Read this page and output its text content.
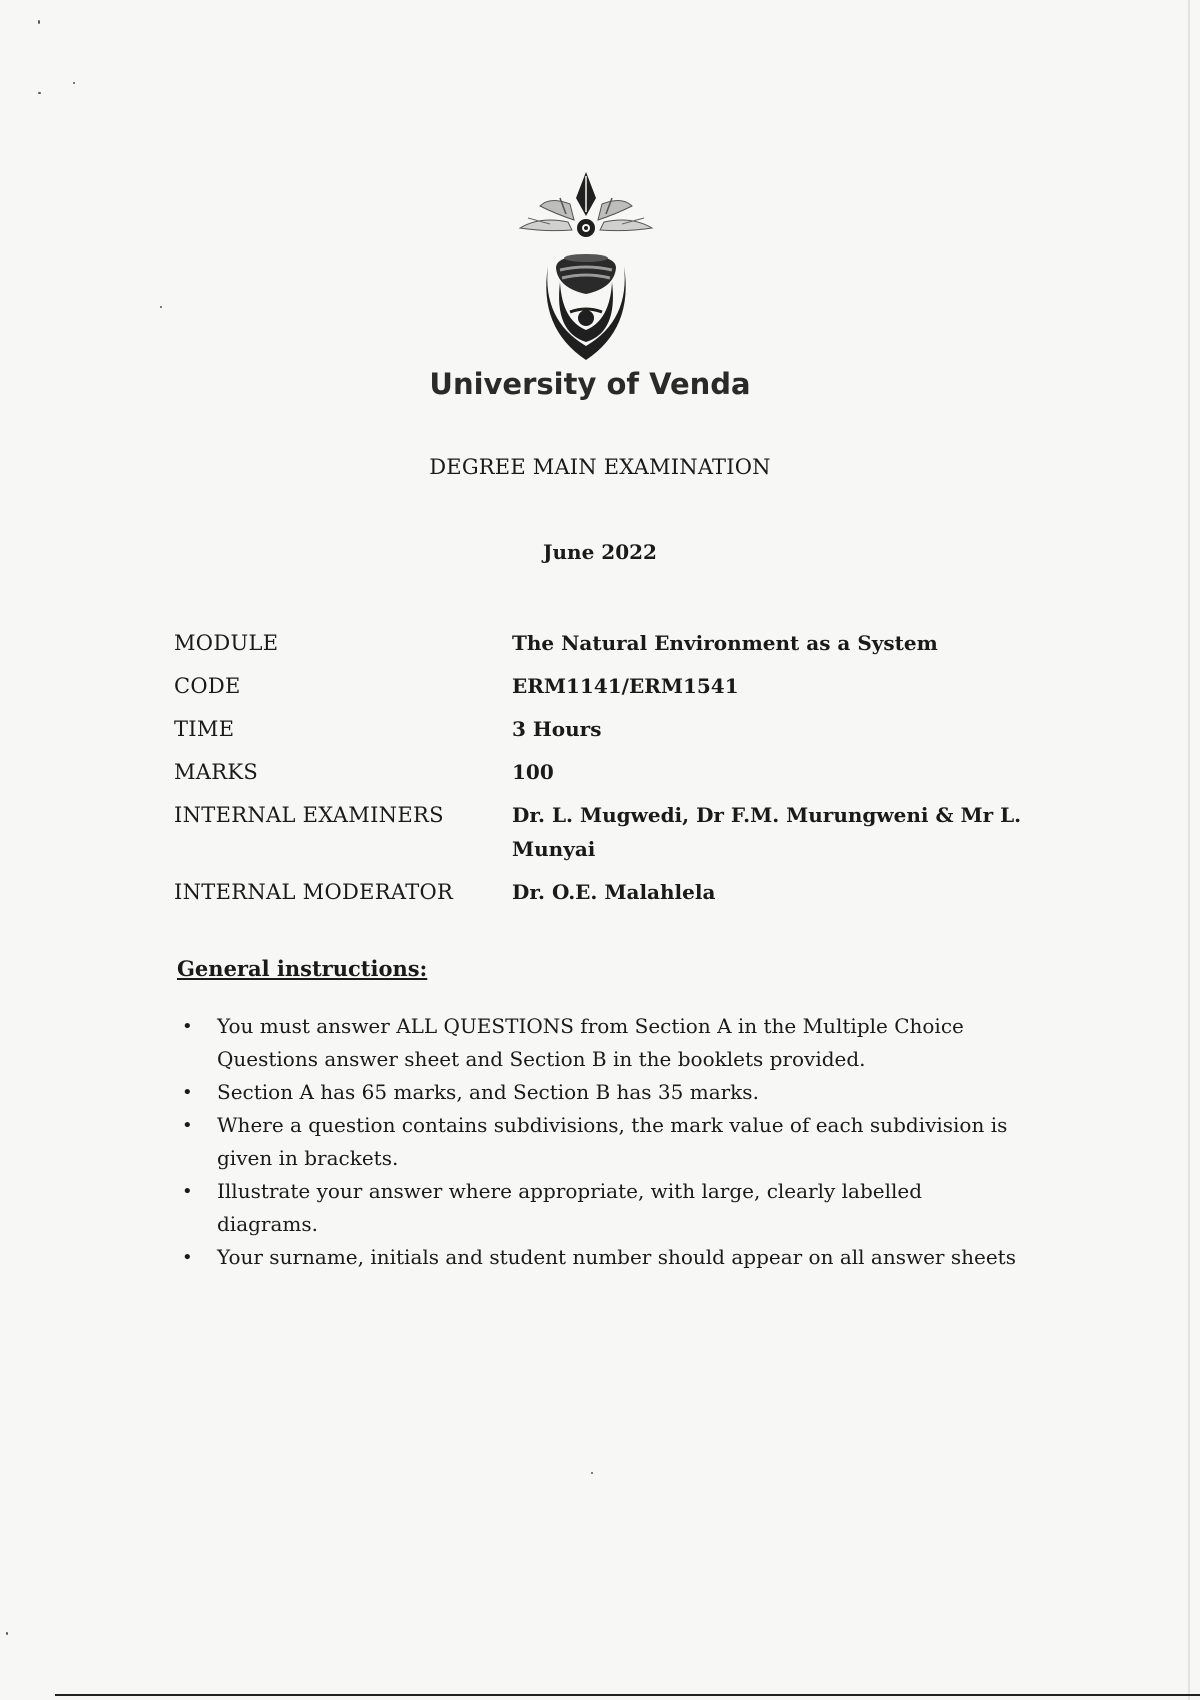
University of Venda
DEGREE MAIN EXAMINATION
June 2022
MODULE	The Natural Environment as a System
CODE	ERM1141/ERM1541
TIME	3 Hours
MARKS	100
INTERNAL EXAMINERS	Dr. L. Mugwedi, Dr F.M. Murungweni & Mr L. Munyai
INTERNAL MODERATOR	Dr. O.E. Malahlela
General instructions:
• You must answer ALL QUESTIONS from Section A in the Multiple Choice Questions answer sheet and Section B in the booklets provided.
• Section A has 65 marks, and Section B has 35 marks.
• Where a question contains subdivisions, the mark value of each subdivision is given in brackets.
• Illustrate your answer where appropriate, with large, clearly labelled diagrams.
• Your surname, initials and student number should appear on all answer sheets
